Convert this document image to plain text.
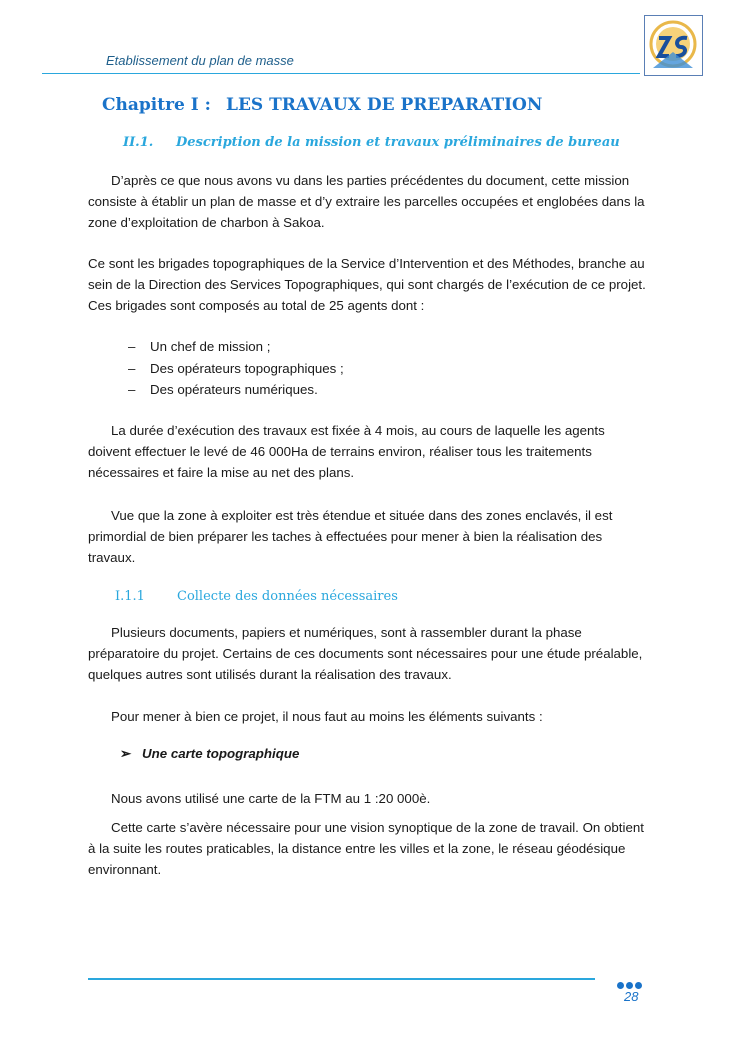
Etablissement du plan de masse
Chapitre I : LES TRAVAUX DE PREPARATION
II.1. Description de la mission et travaux préliminaires de bureau
D’après ce que nous avons vu dans les parties précédentes du document, cette mission consiste à établir un plan de masse et d’y extraire les parcelles occupées et englobées dans la zone d’exploitation de charbon à Sakoa.
Ce sont les brigades topographiques de la Service d’Intervention et des Méthodes, branche au sein de la Direction des Services Topographiques, qui sont chargés de l’exécution de ce projet. Ces brigades sont composés au total de 25 agents dont :
– Un chef de mission ;
– Des opérateurs topographiques ;
– Des opérateurs numériques.
La durée d’exécution des travaux est fixée à 4 mois, au cours de laquelle les agents doivent effectuer le levé de 46 000Ha de terrains environ, réaliser tous les traitements nécessaires et faire la mise au net des plans.
Vue que la zone à exploiter est très étendue et située dans des zones enclavés, il est primordial de bien préparer les taches à effectuées pour mener à bien la réalisation des travaux.
I.1.1 Collecte des données nécessaires
Plusieurs documents, papiers et numériques, sont à rassembler durant la phase préparatoire du projet. Certains de ces documents sont nécessaires pour une étude préalable, quelques autres sont utilisés durant la réalisation des travaux.
Pour mener à bien ce projet, il nous faut au moins les éléments suivants :
➢ Une carte topographique
Nous avons utilisé une carte de la FTM au 1 :20 000è.
Cette carte s’avère nécessaire pour une vision synoptique de la zone de travail. On obtient à la suite les routes praticables, la distance entre les villes et la zone, le réseau géodésique environnant.
28
